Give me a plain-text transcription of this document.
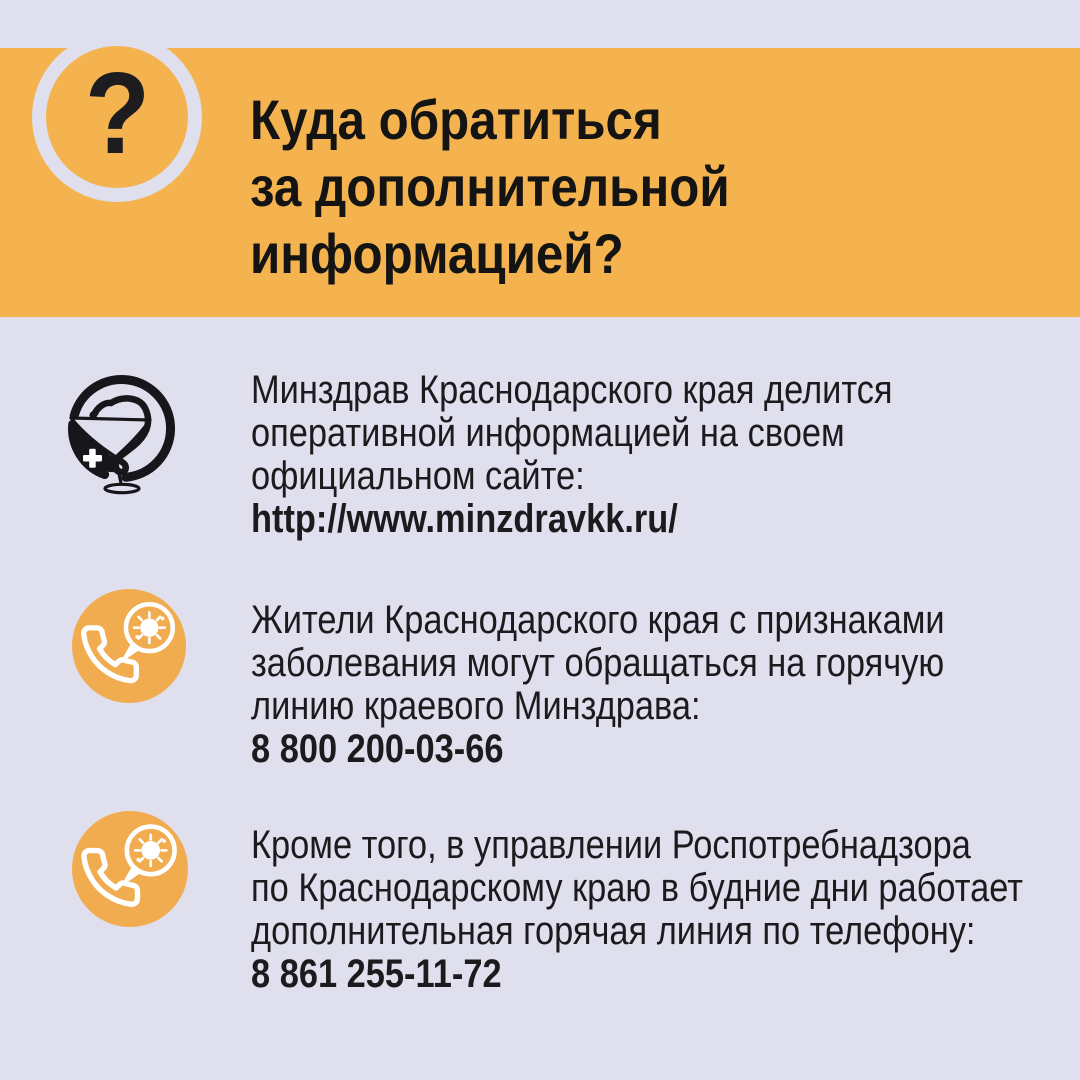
? Куда обратиться
за дополнительной
информацией?
Минздрав Краснодарского края делится
оперативной информацией на своем
официальном сайте:
http://www.minzdravkk.ru/
Жители Краснодарского края с признаками
заболевания могут обращаться на горячую
линию краевого Минздрава:
8 800 200-03-66
Кроме того, в управлении Роспотребнадзора
по Краснодарскому краю в будние дни работает
дополнительная горячая линия по телефону:
8 861 255-11-72
